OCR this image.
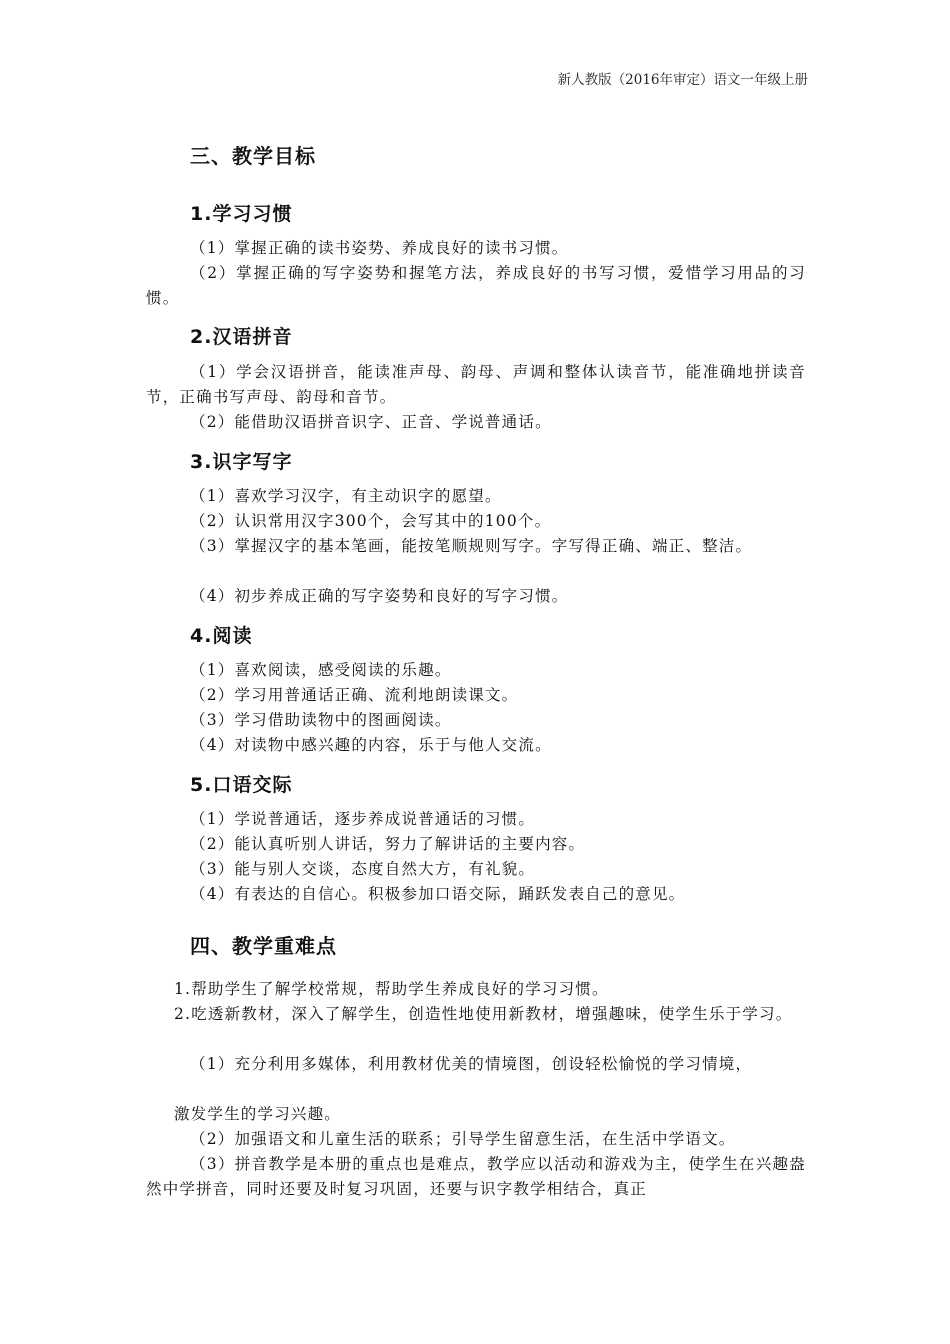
新人教版（2016年审定）语文一年级上册
三、教学目标
1.学习习惯

（1）掌握正确的读书姿势、养成良好的读书习惯。

（2）掌握正确的写字姿势和握笔方法，养成良好的书写习惯，爱惜学习用品的习惯。

2.汉语拼音

（1）学会汉语拼音，能读准声母、韵母、声调和整体认读音节，能准确地拼读音节，正确书写声母、韵母和音节。

（2）能借助汉语拼音识字、正音、学说普通话。

3.识字写字

（1）喜欢学习汉字，有主动识字的愿望。

（2）认识常用汉字300个，会写其中的100个。

（3）掌握汉字的基本笔画，能按笔顺规则写字。字写得正确、端正、整洁。

（4）初步养成正确的写字姿势和良好的写字习惯。

4.阅读

（1）喜欢阅读，感受阅读的乐趣。

（2）学习用普通话正确、流利地朗读课文。

（3）学习借助读物中的图画阅读。

（4）对读物中感兴趣的内容，乐于与他人交流。

5.口语交际

（1）学说普通话，逐步养成说普通话的习惯。

（2）能认真听别人讲话，努力了解讲话的主要内容。

（3）能与别人交谈，态度自然大方，有礼貌。

（4）有表达的自信心。积极参加口语交际，踊跃发表自己的意见。

四、教学重难点

1.帮助学生了解学校常规，帮助学生养成良好的学习习惯。

2.吃透新教材，深入了解学生，创造性地使用新教材，增强趣味，使学生乐于学习。

（1）充分利用多媒体，利用教材优美的情境图，创设轻松愉悦的学习情境，

激发学生的学习兴趣。

（2）加强语文和儿童生活的联系；引导学生留意生活，在生活中学语文。

（3）拼音教学是本册的重点也是难点，教学应以活动和游戏为主，使学生在兴趣盎然中学拼音，同时还要及时复习巩固，还要与识字教学相结合，真正
